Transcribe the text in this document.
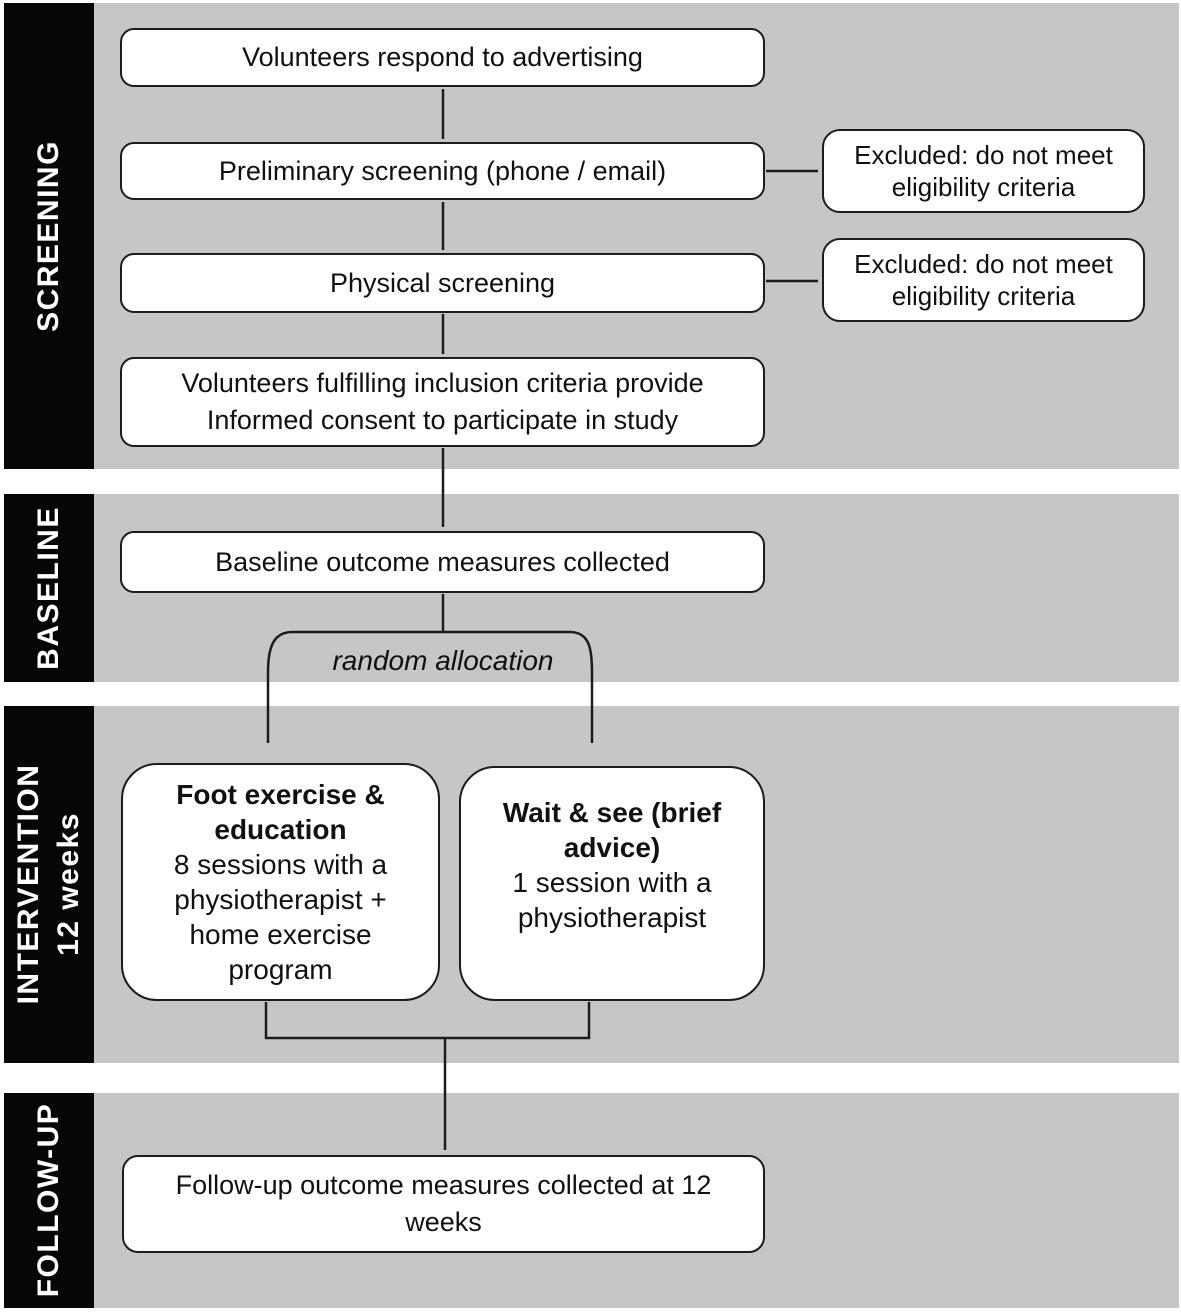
SCREENING
BASELINE
INTERVENTION 12 weeks
FOLLOW-UP
Volunteers respond to advertising
Preliminary screening (phone / email)
Excluded: do not meet
eligibility criteria
Physical screening
Excluded: do not meet
eligibility criteria
Volunteers fulfilling inclusion criteria provide
Informed consent to participate in study
Baseline outcome measures collected
random allocation
Foot exercise &
education
8 sessions with a
physiotherapist +
home exercise
program
Wait & see (brief
advice)
1 session with a
physiotherapist
Follow-up outcome measures collected at 12
weeks
